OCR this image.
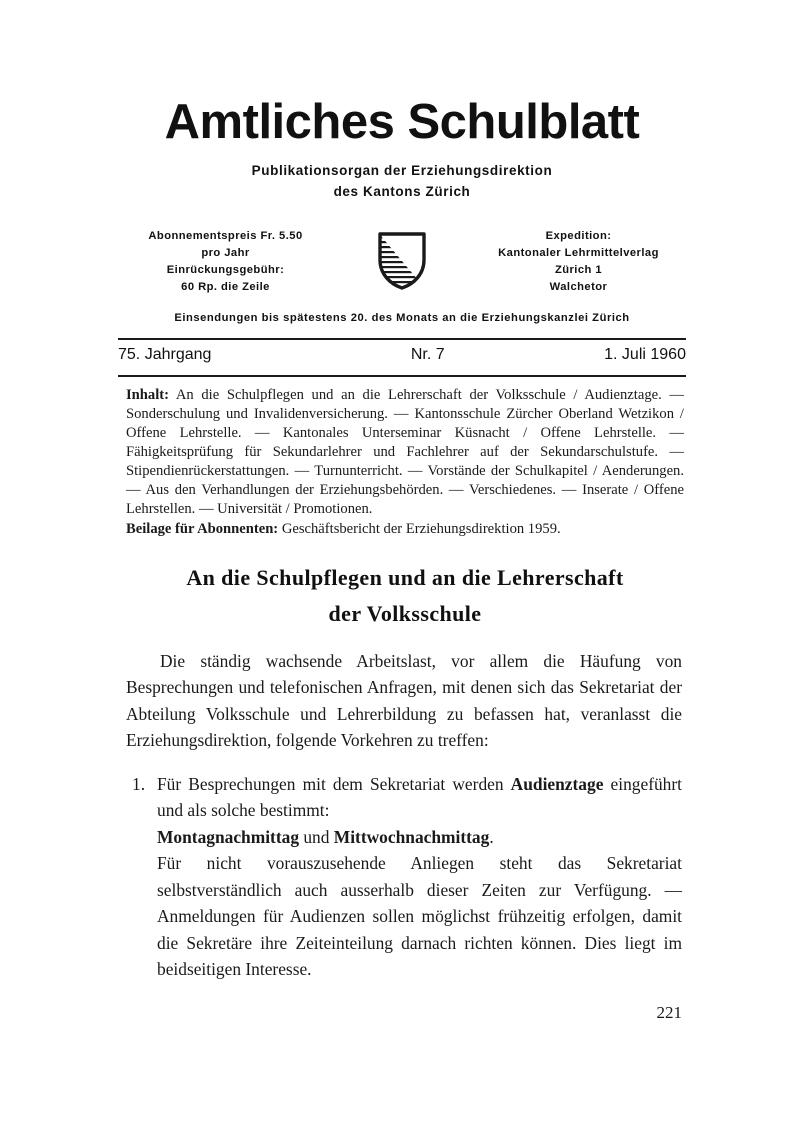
Amtliches Schulblatt
Publikationsorgan der Erziehungsdirektion
des Kantons Zürich
Abonnementspreis Fr. 5.50
pro Jahr
Einrückungsgebühr:
60 Rp. die Zeile
Expedition:
Kantonaler Lehrmittelverlag
Zürich 1
Walchetor
Einsendungen bis spätestens 20. des Monats an die Erziehungskanzlei Zürich
75. Jahrgang	Nr. 7	1. Juli 1960
Inhalt: An die Schulpflegen und an die Lehrerschaft der Volksschule / Audienztage. — Sonderschulung und Invalidenversicherung. — Kantonsschule Zürcher Oberland Wetzikon / Offene Lehrstelle. — Kantonales Unterseminar Küsnacht / Offene Lehrstelle. — Fähigkeitsprüfung für Sekundarlehrer und Fachlehrer auf der Sekundarschulstufe. — Stipendienrückerstattungen. — Turnunterricht. — Vorstände der Schulkapitel / Aenderungen. — Aus den Verhandlungen der Erziehungsbehörden. — Verschiedenes. — Inserate / Offene Lehrstellen. — Universität / Promotionen.
Beilage für Abonnenten: Geschäftsbericht der Erziehungsdirektion 1959.
An die Schulpflegen und an die Lehrerschaft
der Volksschule

Die ständig wachsende Arbeitslast, vor allem die Häufung von Besprechungen und telefonischen Anfragen, mit denen sich das Sekretariat der Abteilung Volksschule und Lehrerbildung zu befassen hat, veranlasst die Erziehungsdirektion, folgende Vorkehren zu treffen:

1. Für Besprechungen mit dem Sekretariat werden Audienztage eingeführt und als solche bestimmt:
Montagnachmittag und Mittwochnachmittag.
Für nicht vorauszusehende Anliegen steht das Sekretariat selbstverständlich auch ausserhalb dieser Zeiten zur Verfügung. — Anmeldungen für Audienzen sollen möglichst frühzeitig erfolgen, damit die Sekretäre ihre Zeiteinteilung darnach richten können. Dies liegt im beidseitigen Interesse.
221
